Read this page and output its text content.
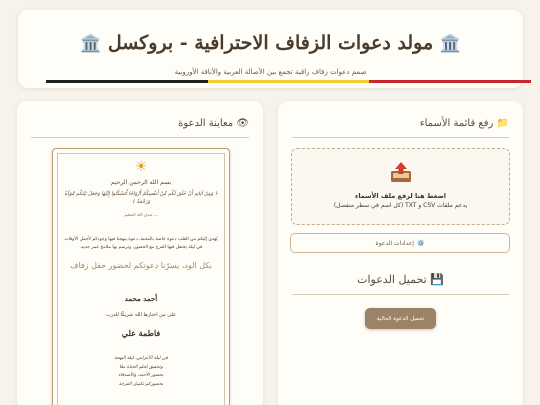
🏛️ مولد دعوات الزفاف الاحترافية - بروكسل 🏛️
صمم دعوات زفاف راقية تجمع بين الأصالة العربية والأناقة الأوروبية
📁 رفع قائمة الأسماء
اضغط هنا لرفع ملف الأسماء
يدعم ملفات CSV و TXT (كل اسم في سطر منفصل)
⚙️
إعدادات الدعوة
💾 تحميل الدعوات
تحميل الدعوة الحالية
👁 معاينة الدعوة
☀
بسم الله الرحمن الرحيم
﴿ وَمِنْ آيَاتِهِ أَنْ خَلَقَ لَكُم مِّنْ أَنفُسِكُمْ أَزْوَاجًا لِّتَسْكُنُوا إِلَيْهَا وَجَعَلَ بَيْنَكُم مَّوَدَّةً وَرَحْمَةً ﴾
— صدق الله العظيم
يُهدي إليكم من القلب دعوة خاصة بالمحبة، دعوة يبهجنا فيها وجودكم لأجمل الأوقات في ليلة يحتفل فيها الفرح مع الحضور، ونرسم بها ملامح عمر جديد.
بكل الود، يسرّنا دعوتكم لحضور حفل زفاف
أحمد محمد
على من اختارها الله شريكًا للدرب
فاطمة علي
في ليلة الأعراس، ليلة البهجة
وتحقيق لحلم الحياة معًا
بحضور الأحبة، والأصدقاء
بحضوركم تكتمل الفرحة
